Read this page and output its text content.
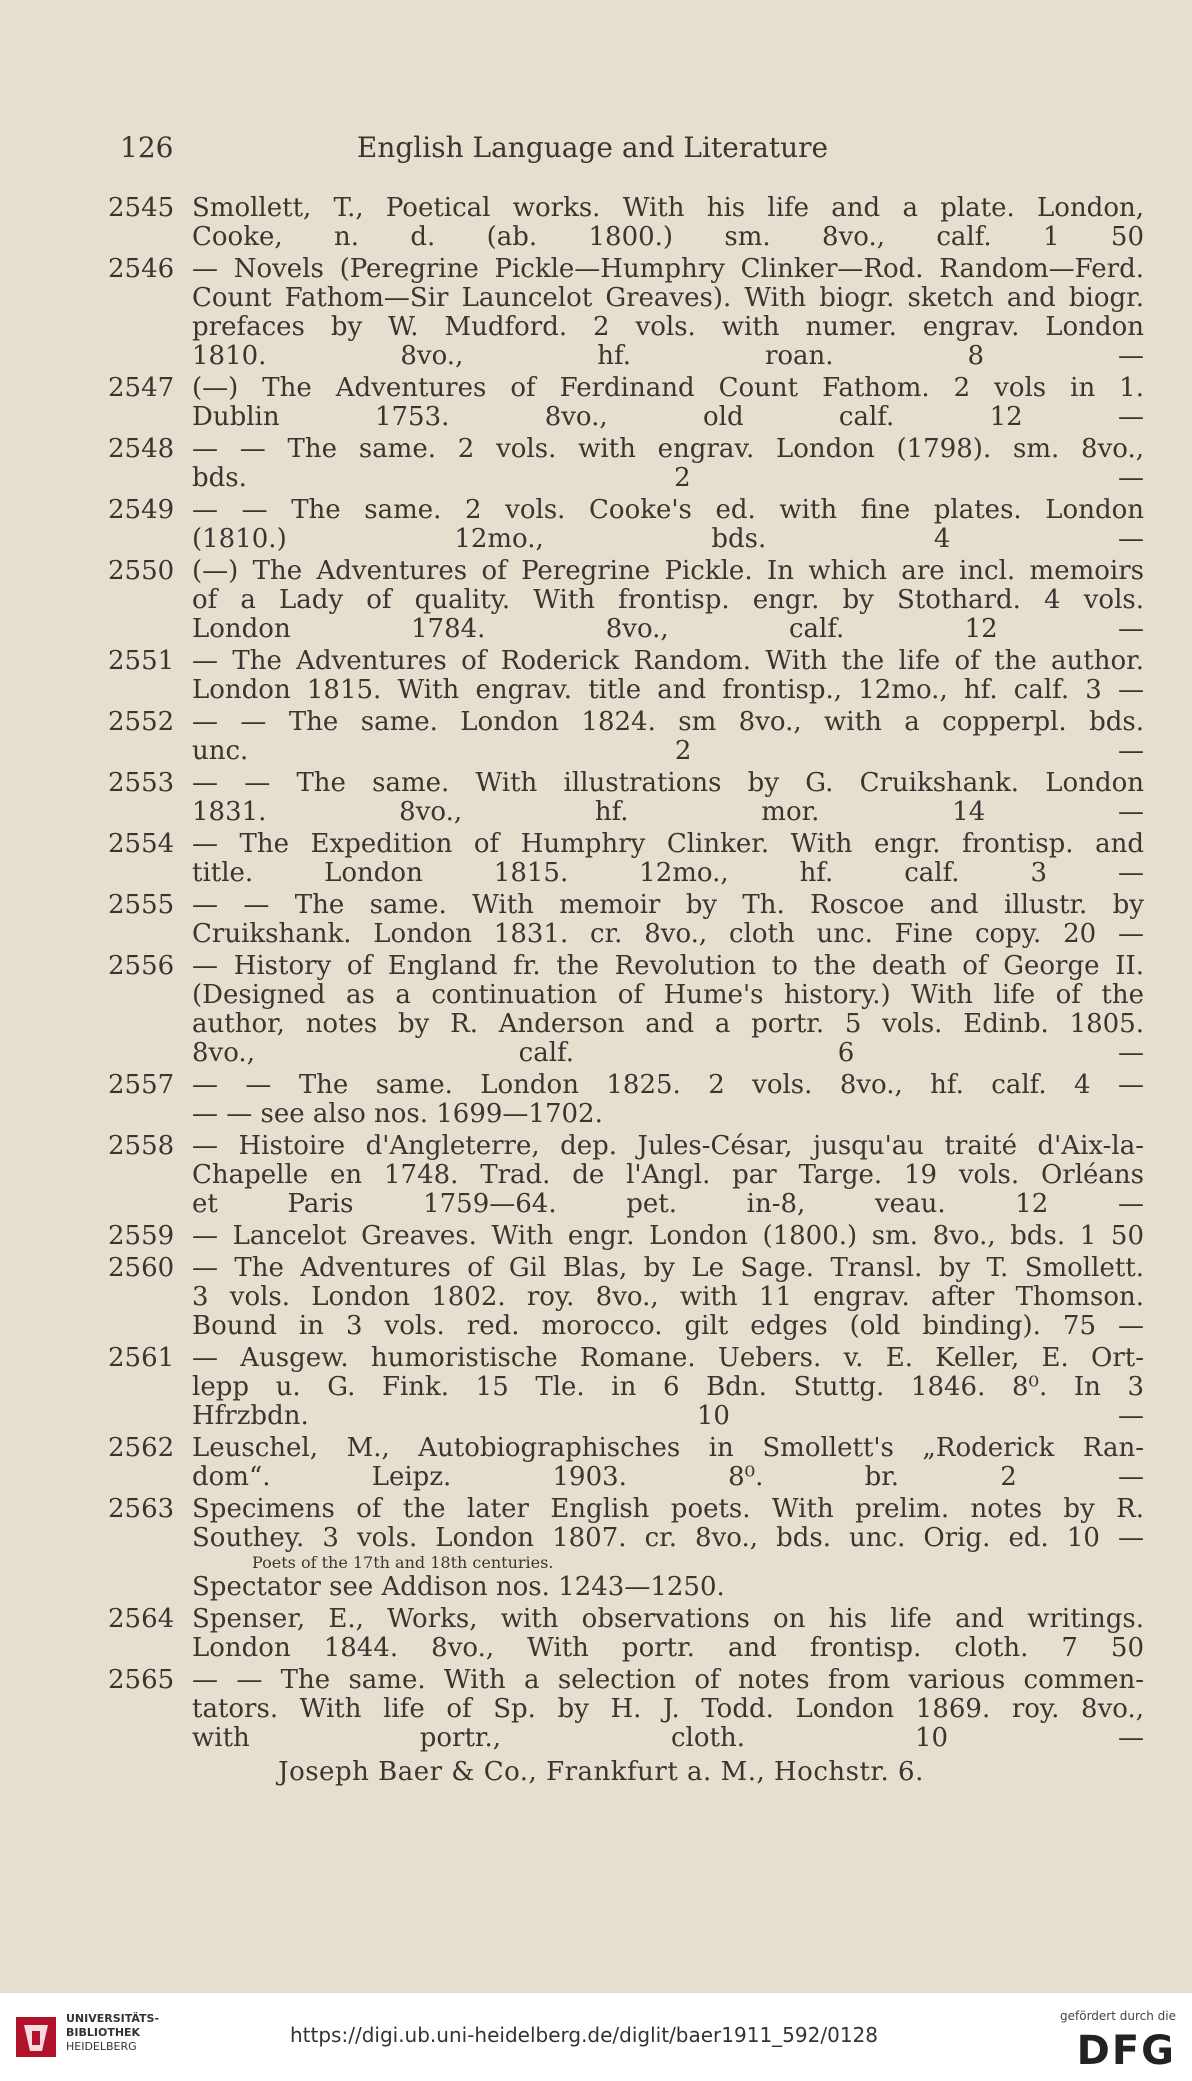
126	English Language and Literature
2545 Smollett, T., Poetical works. With his life and a plate. London,
Cooke, n. d. (ab. 1800.) sm. 8vo., calf. 1 50
2546 — Novels (Peregrine Pickle—Humphry Clinker—Rod. Random—Ferd.
Count Fathom—Sir Launcelot Greaves). With biogr. sketch and biogr.
prefaces by W. Mudford. 2 vols. with numer. engrav. London
1810. 8vo., hf. roan. 8 —
2547 (—) The Adventures of Ferdinand Count Fathom. 2 vols in 1.
Dublin 1753. 8vo., old calf. 12 —
2548 — — The same. 2 vols. with engrav. London (1798). sm. 8vo.,
bds. 2 —
2549 — — The same. 2 vols. Cooke's ed. with fine plates. London
(1810.) 12mo., bds. 4 —
2550 (—) The Adventures of Peregrine Pickle. In which are incl. memoirs
of a Lady of quality. With frontisp. engr. by Stothard. 4 vols.
London 1784. 8vo., calf. 12 —
2551 — The Adventures of Roderick Random. With the life of the author.
London 1815. With engrav. title and frontisp., 12mo., hf. calf. 3 —
2552 — — The same. London 1824. sm 8vo., with a copperpl. bds.
unc. 2 —
2553 — — The same. With illustrations by G. Cruikshank. London
1831. 8vo., hf. mor. 14 —
2554 — The Expedition of Humphry Clinker. With engr. frontisp. and
title. London 1815. 12mo., hf. calf. 3 —
2555 — — The same. With memoir by Th. Roscoe and illustr. by
Cruikshank. London 1831. cr. 8vo., cloth unc. Fine copy. 20 —
2556 — History of England fr. the Revolution to the death of George II.
(Designed as a continuation of Hume's history.) With life of the
author, notes by R. Anderson and a portr. 5 vols. Edinb. 1805.
8vo., calf. 6 —
2557 — — The same. London 1825. 2 vols. 8vo., hf. calf. 4 —
— — see also nos. 1699—1702.
2558 — Histoire d'Angleterre, dep. Jules-César, jusqu'au traité d'Aix-la-
Chapelle en 1748. Trad. de l'Angl. par Targe. 19 vols. Orléans
et Paris 1759—64. pet. in-8, veau. 12 —
2559 — Lancelot Greaves. With engr. London (1800.) sm. 8vo., bds. 1 50
2560 — The Adventures of Gil Blas, by Le Sage. Transl. by T. Smollett.
3 vols. London 1802. roy. 8vo., with 11 engrav. after Thomson.
Bound in 3 vols. red. morocco. gilt edges (old binding). 75 —
2561 — Ausgew. humoristische Romane. Uebers. v. E. Keller, E. Ort-
lepp u. G. Fink. 15 Tle. in 6 Bdn. Stuttg. 1846. 8⁰. In 3
Hfrzbdn. 10 —
2562 Leuschel, M., Autobiographisches in Smollett's „Roderick Ran-
dom“. Leipz. 1903. 8⁰. br. 2 —
2563 Specimens of the later English poets. With prelim. notes by R.
Southey. 3 vols. London 1807. cr. 8vo., bds. unc. Orig. ed. 10 —
Poets of the 17th and 18th centuries.
Spectator see Addison nos. 1243—1250.
2564 Spenser, E., Works, with observations on his life and writings.
London 1844. 8vo., With portr. and frontisp. cloth. 7 50
2565 — — The same. With a selection of notes from various commen-
tators. With life of Sp. by H. J. Todd. London 1869. roy. 8vo.,
with portr., cloth. 10 —
Joseph Baer & Co., Frankfurt a. M., Hochstr. 6.
UNIVERSITÄTS-
BIBLIOTHEK
HEIDELBERG	https://digi.ub.uni-heidelberg.de/diglit/baer1911_592/0128
gefördert durch die
DFG
